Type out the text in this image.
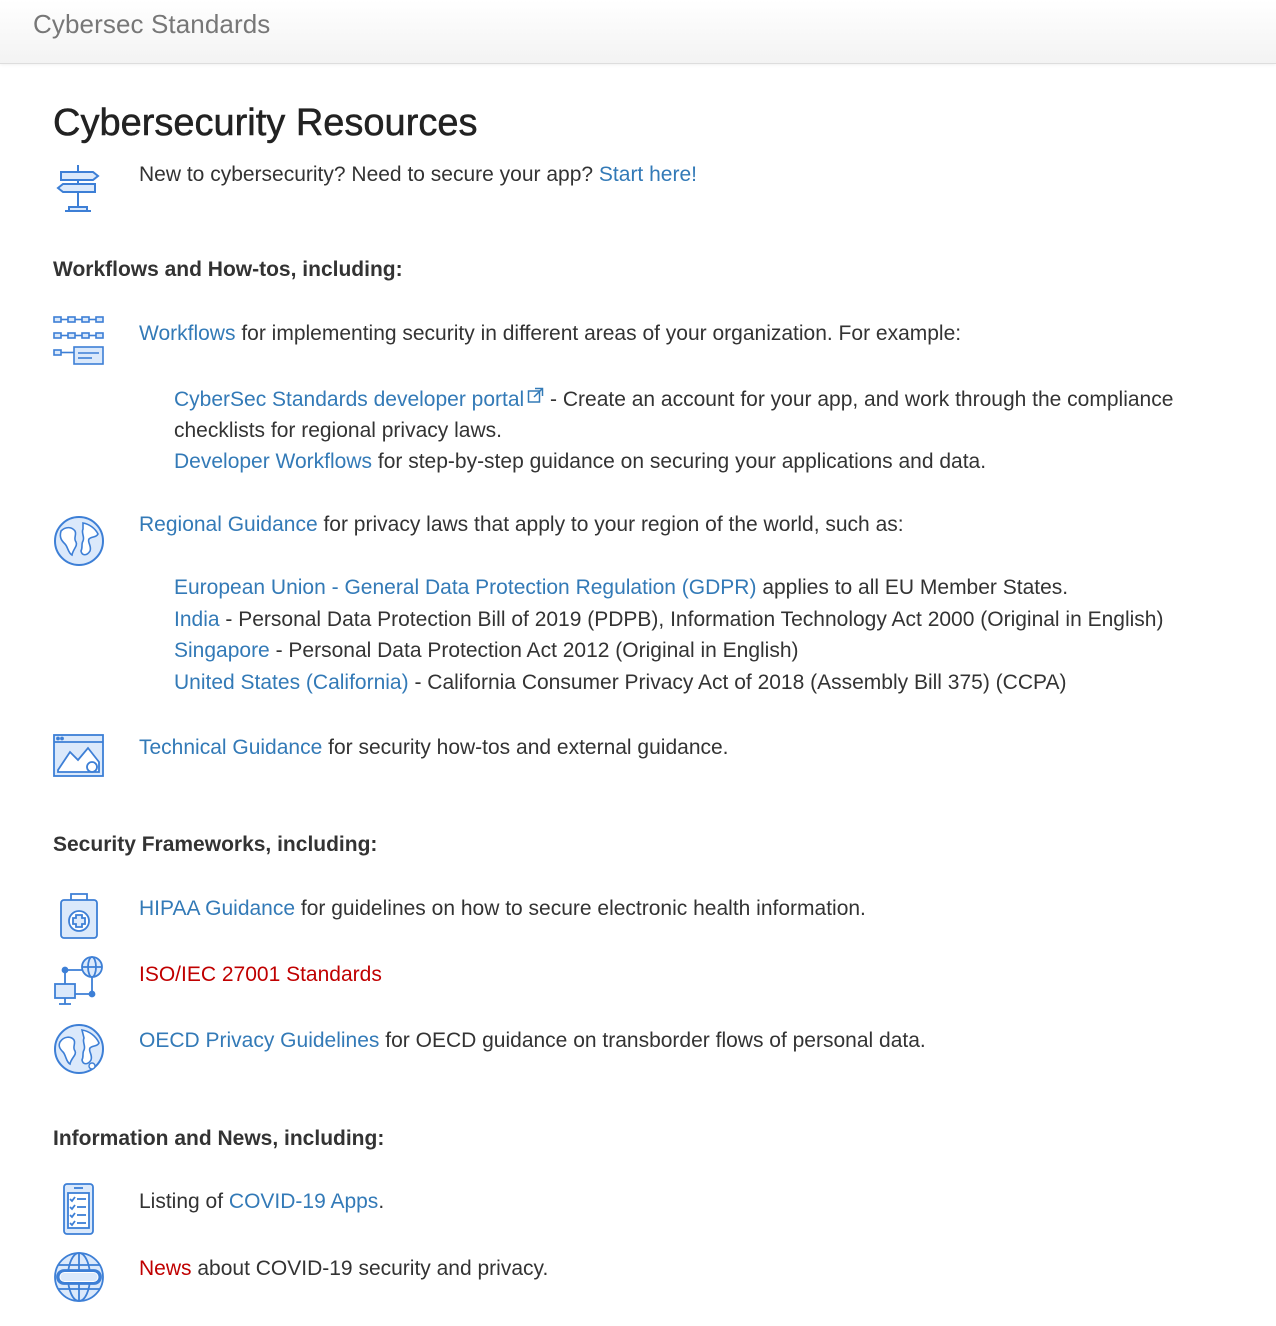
Cybersec Standards
Cybersecurity Resources
New to cybersecurity? Need to secure your app? Start here!
Workflows and How-tos, including:
Workflows for implementing security in different areas of your organization. For example:
CyberSec Standards developer portal - Create an account for your app, and work through the compliance checklists for regional privacy laws.
Developer Workflows for step-by-step guidance on securing your applications and data.
Regional Guidance for privacy laws that apply to your region of the world, such as:
European Union - General Data Protection Regulation (GDPR) applies to all EU Member States.
India - Personal Data Protection Bill of 2019 (PDPB), Information Technology Act 2000 (Original in English)
Singapore - Personal Data Protection Act 2012 (Original in English)
United States (California) - California Consumer Privacy Act of 2018 (Assembly Bill 375) (CCPA)
Technical Guidance for security how-tos and external guidance.
Security Frameworks, including:
HIPAA Guidance for guidelines on how to secure electronic health information.
ISO/IEC 27001 Standards
OECD Privacy Guidelines for OECD guidance on transborder flows of personal data.
Information and News, including:
Listing of COVID-19 Apps.
News about COVID-19 security and privacy.
